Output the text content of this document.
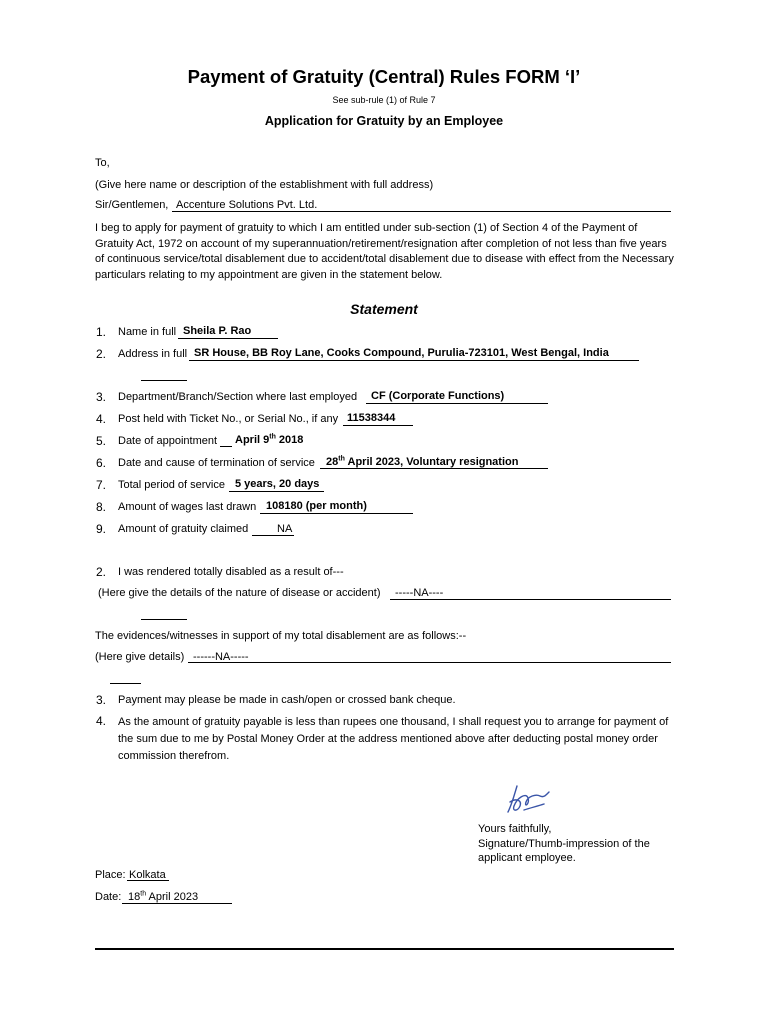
Payment of Gratuity (Central) Rules FORM ‘I’
See sub-rule (1) of Rule 7
Application for Gratuity by an Employee
To,
(Give here name or description of the establishment with full address)
Sir/Gentlemen, Accenture Solutions Pvt. Ltd.
I beg to apply for payment of gratuity to which I am entitled under sub-section (1) of Section 4 of the Payment of Gratuity Act, 1972 on account of my superannuation/retirement/resignation after completion of not less than five years of continuous service/total disablement due to accident/total disablement due to disease with effect from the Necessary particulars relating to my appointment are given in the statement below.
Statement
1.	Name in full Sheila P. Rao
2.	Address in full SR House, BB Roy Lane, Cooks Compound, Purulia-723101, West Bengal, India
3.	Department/Branch/Section where last employed CF (Corporate Functions)
4.	Post held with Ticket No., or Serial No., if any 11538344
5.	Date of appointment April 9th 2018
6.	Date and cause of termination of service 28th April 2023, Voluntary resignation
7.	Total period of service 5 years, 20 days
8.	Amount of wages last drawn 108180 (per month)
9.	Amount of gratuity claimed	NA
2.	I was rendered totally disabled as a result of---
(Here give the details of the nature of disease or accident) -----NA----
The evidences/witnesses in support of my total disablement are as follows:--
(Here give details) ------NA-----
3.	Payment may please be made in cash/open or crossed bank cheque.
4.	As the amount of gratuity payable is less than rupees one thousand, I shall request you to arrange for payment of the sum due to me by Postal Money Order at the address mentioned above after deducting postal money order commission therefrom.
Yours faithfully,
Signature/Thumb-impression of the
applicant employee.
Place: Kolkata
Date: 18th April 2023
